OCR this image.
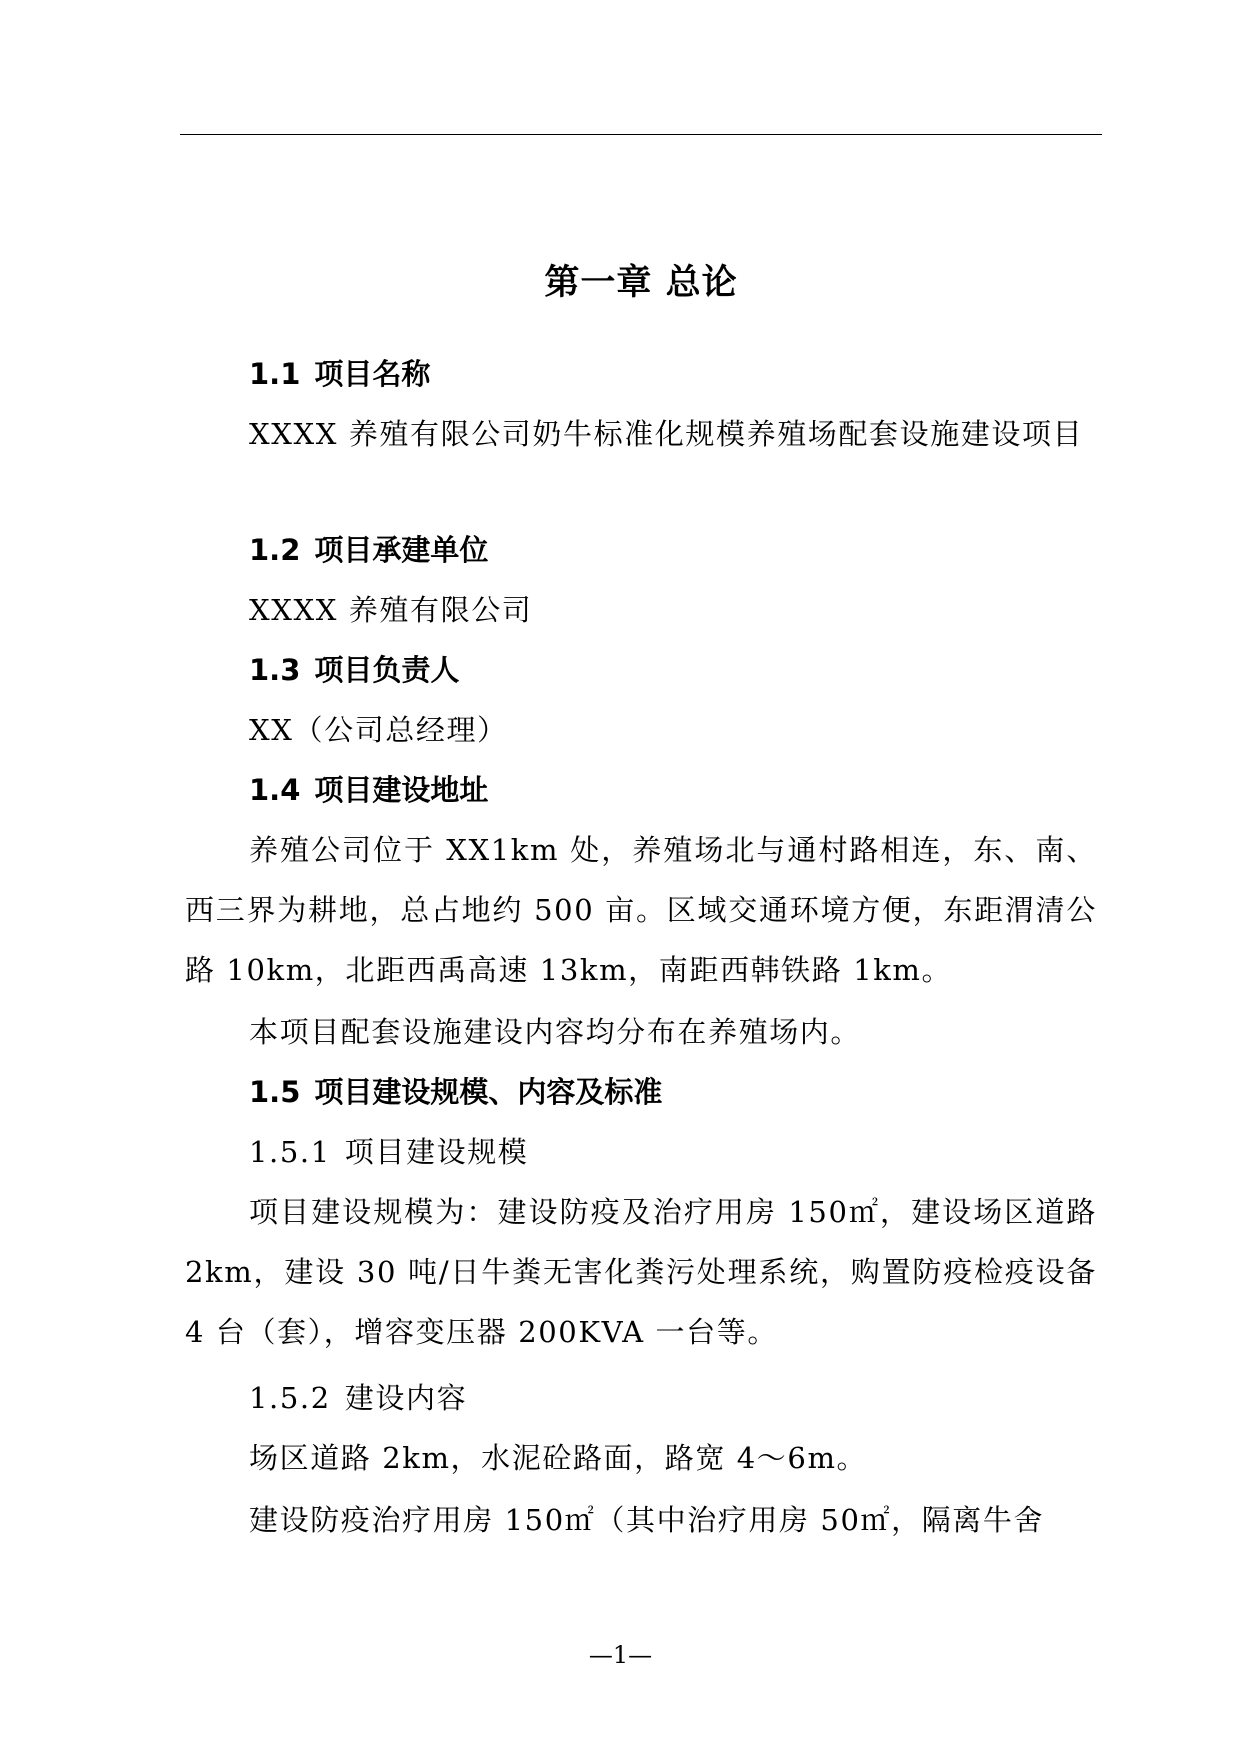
第一章 总论
1.1 项目名称

XXXX 养殖有限公司奶牛标准化规模养殖场配套设施建设项目

1.2 项目承建单位

XXXX 养殖有限公司

1.3 项目负责人

XX（公司总经理）

1.4 项目建设地址

养殖公司位于 XX1km 处，养殖场北与通村路相连，东、南、西三界为耕地，总占地约 500 亩。区域交通环境方便，东距渭清公路 10km，北距西禹高速 13km，南距西韩铁路 1km。

本项目配套设施建设内容均分布在养殖场内。

1.5 项目建设规模、内容及标准
1.5.1 项目建设规模

项目建设规模为：建设防疫及治疗用房 150㎡，建设场区道路 2km，建设 30 吨/日牛粪无害化粪污处理系统，购置防疫检疫设备 4 台（套），增容变压器 200KVA 一台等。

1.5.2 建设内容

场区道路 2km，水泥砼路面，路宽 4～6m。

建设防疫治疗用房 150㎡（其中治疗用房 50㎡，隔离牛舍

—1—
